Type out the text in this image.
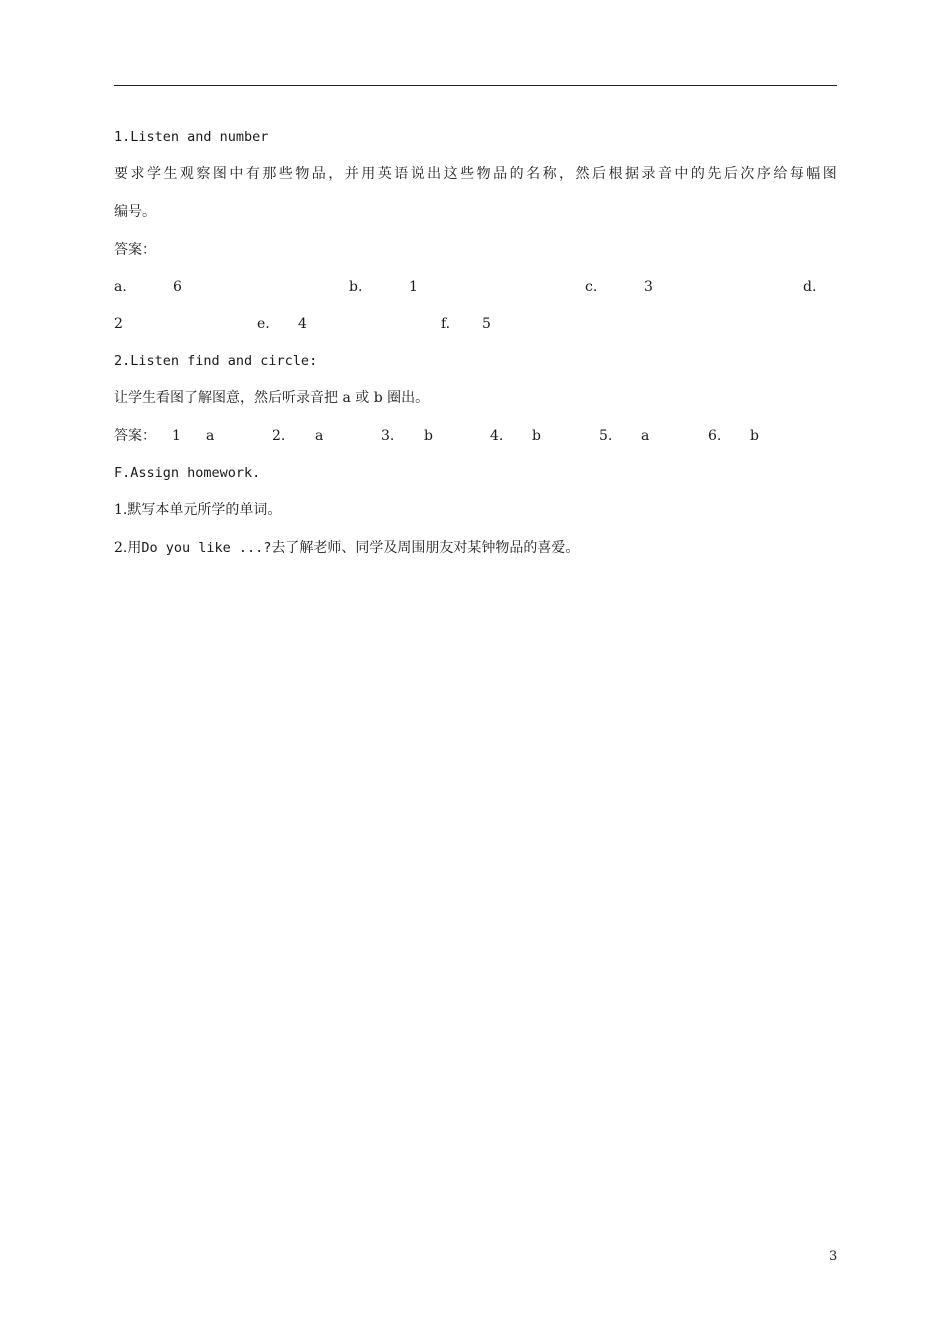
1.Listen and number
要求学生观察图中有那些物品，并用英语说出这些物品的名称，然后根据录音中的先后次序给每幅图
编号。
答案：
a.	6	b.	1	c.	3	d.
2	e. 4	f. 5
2.Listen find and circle:
让学生看图了解图意，然后听录音把 a 或 b 圈出。
答案： 1 a	2. a	3. b	4. b	5. a	6. b
F.Assign homework.
1.默写本单元所学的单词。
2.用Do you like ...?去了解老师、同学及周围朋友对某钟物品的喜爱。
3
